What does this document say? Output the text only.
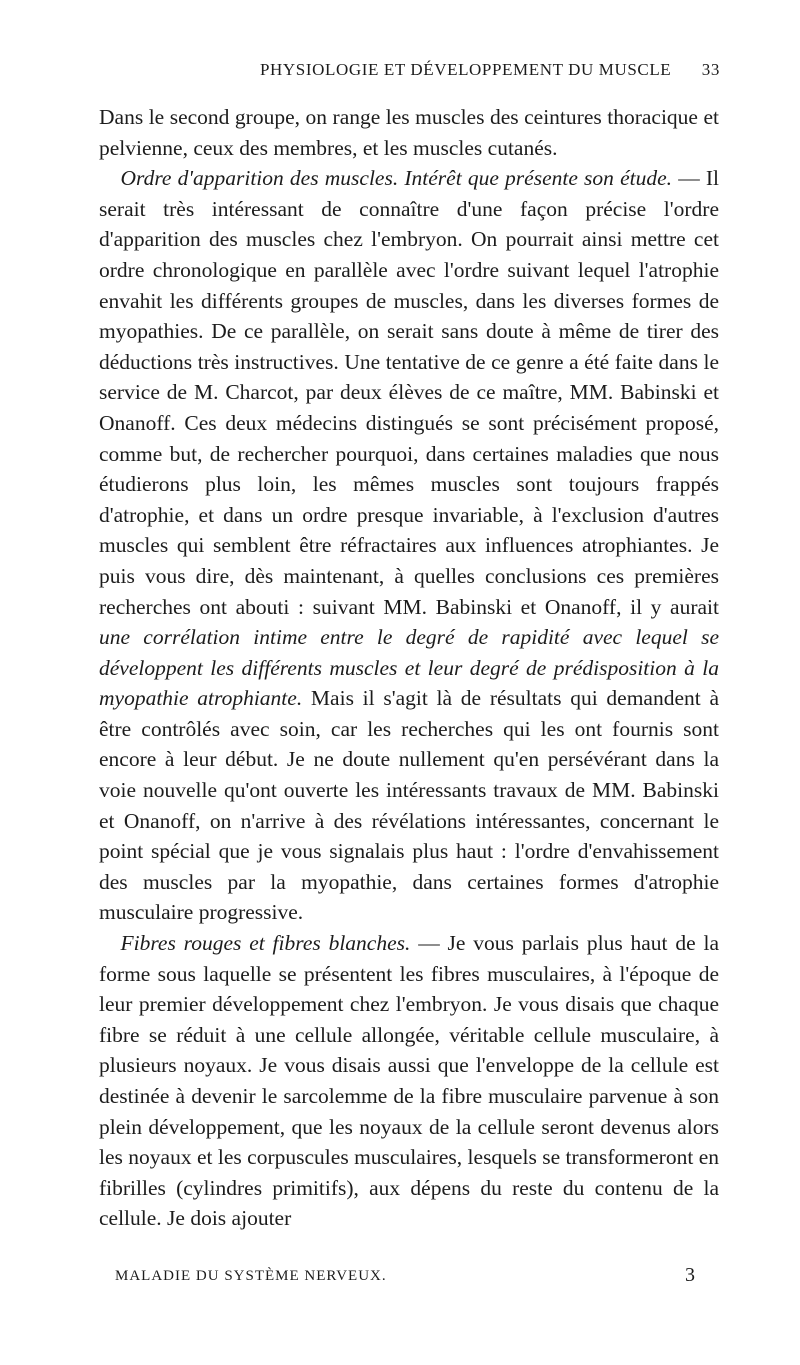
PHYSIOLOGIE ET DÉVELOPPEMENT DU MUSCLE 33

Dans le second groupe, on range les muscles des ceintures thoracique et pelvienne, ceux des membres, et les muscles cutanés.

Ordre d'apparition des muscles. Intérêt que présente son étude. — Il serait très intéressant de connaître d'une façon précise l'ordre d'apparition des muscles chez l'embryon. On pourrait ainsi mettre cet ordre chronologique en parallèle avec l'ordre suivant lequel l'atrophie envahit les différents groupes de muscles, dans les diverses formes de myopathies. De ce parallèle, on serait sans doute à même de tirer des déductions très instructives. Une tentative de ce genre a été faite dans le service de M. Charcot, par deux élèves de ce maître, MM. Babinski et Onanoff. Ces deux médecins distingués se sont précisément proposé, comme but, de rechercher pourquoi, dans certaines maladies que nous étudierons plus loin, les mêmes muscles sont toujours frappés d'atrophie, et dans un ordre presque invariable, à l'exclusion d'autres muscles qui semblent être réfractaires aux influences atrophiantes. Je puis vous dire, dès maintenant, à quelles conclusions ces premières recherches ont abouti : suivant MM. Babinski et Onanoff, il y aurait une corrélation intime entre le degré de rapidité avec lequel se développent les différents muscles et leur degré de prédisposition à la myopathie atrophiante. Mais il s'agit là de résultats qui demandent à être contrôlés avec soin, car les recherches qui les ont fournis sont encore à leur début. Je ne doute nullement qu'en persévérant dans la voie nouvelle qu'ont ouverte les intéressants travaux de MM. Babinski et Onanoff, on n'arrive à des révélations intéressantes, concernant le point spécial que je vous signalais plus haut : l'ordre d'envahissement des muscles par la myopathie, dans certaines formes d'atrophie musculaire progressive.

Fibres rouges et fibres blanches. — Je vous parlais plus haut de la forme sous laquelle se présentent les fibres musculaires, à l'époque de leur premier développement chez l'embryon. Je vous disais que chaque fibre se réduit à une cellule allongée, véritable cellule musculaire, à plusieurs noyaux. Je vous disais aussi que l'enveloppe de la cellule est destinée à devenir le sarcolemme de la fibre musculaire parvenue à son plein développement, que les noyaux de la cellule seront devenus alors les noyaux et les corpuscules musculaires, lesquels se transformeront en fibrilles (cylindres primitifs), aux dépens du reste du contenu de la cellule. Je dois ajouter

MALADIE DU SYSTÈME NERVEUX.	3
